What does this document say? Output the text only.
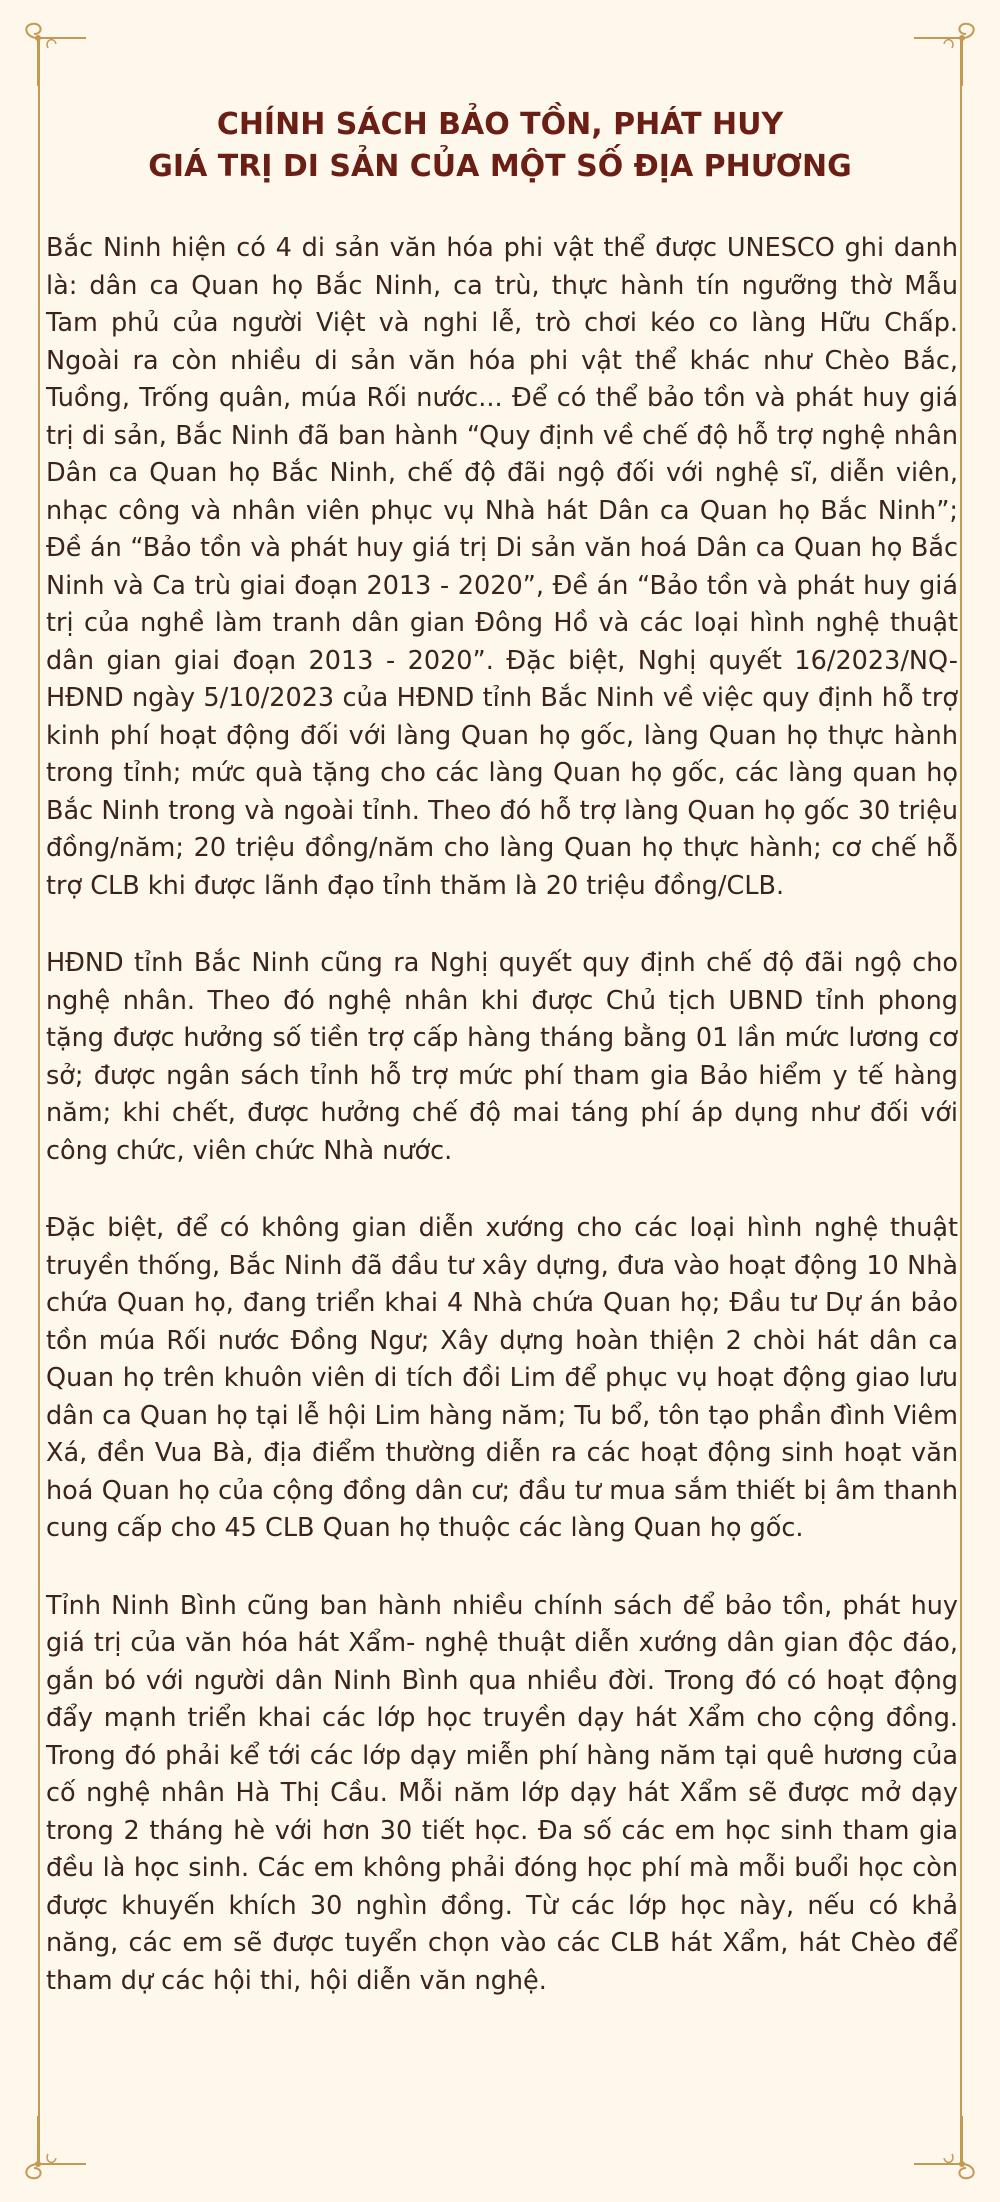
CHÍNH SÁCH BẢO TỒN, PHÁT HUY
GIÁ TRỊ DI SẢN CỦA MỘT SỐ ĐỊA PHƯƠNG

Bắc Ninh hiện có 4 di sản văn hóa phi vật thể được UNESCO ghi danh là: dân ca Quan họ Bắc Ninh, ca trù, thực hành tín ngưỡng thờ Mẫu Tam phủ của người Việt và nghi lễ, trò chơi kéo co làng Hữu Chấp. Ngoài ra còn nhiều di sản văn hóa phi vật thể khác như Chèo Bắc, Tuồng, Trống quân, múa Rối nước... Để có thể bảo tồn và phát huy giá trị di sản, Bắc Ninh đã ban hành “Quy định về chế độ hỗ trợ nghệ nhân Dân ca Quan họ Bắc Ninh, chế độ đãi ngộ đối với nghệ sĩ, diễn viên, nhạc công và nhân viên phục vụ Nhà hát Dân ca Quan họ Bắc Ninh”; Đề án “Bảo tồn và phát huy giá trị Di sản văn hoá Dân ca Quan họ Bắc Ninh và Ca trù giai đoạn 2013 - 2020”, Đề án “Bảo tồn và phát huy giá trị của nghề làm tranh dân gian Đông Hồ và các loại hình nghệ thuật dân gian giai đoạn 2013 - 2020”. Đặc biệt, Nghị quyết 16/2023/NQ- HĐND ngày 5/10/2023 của HĐND tỉnh Bắc Ninh về việc quy định hỗ trợ kinh phí hoạt động đối với làng Quan họ gốc, làng Quan họ thực hành trong tỉnh; mức quà tặng cho các làng Quan họ gốc, các làng quan họ Bắc Ninh trong và ngoài tỉnh. Theo đó hỗ trợ làng Quan họ gốc 30 triệu đồng/năm; 20 triệu đồng/năm cho làng Quan họ thực hành; cơ chế hỗ trợ CLB khi được lãnh đạo tỉnh thăm là 20 triệu đồng/CLB.

HĐND tỉnh Bắc Ninh cũng ra Nghị quyết quy định chế độ đãi ngộ cho nghệ nhân. Theo đó nghệ nhân khi được Chủ tịch UBND tỉnh phong tặng được hưởng số tiền trợ cấp hàng tháng bằng 01 lần mức lương cơ sở; được ngân sách tỉnh hỗ trợ mức phí tham gia Bảo hiểm y tế hàng năm; khi chết, được hưởng chế độ mai táng phí áp dụng như đối với công chức, viên chức Nhà nước.

Đặc biệt, để có không gian diễn xướng cho các loại hình nghệ thuật truyền thống, Bắc Ninh đã đầu tư xây dựng, đưa vào hoạt động 10 Nhà chứa Quan họ, đang triển khai 4 Nhà chứa Quan họ; Đầu tư Dự án bảo tồn múa Rối nước Đồng Ngư; Xây dựng hoàn thiện 2 chòi hát dân ca Quan họ trên khuôn viên di tích đồi Lim để phục vụ hoạt động giao lưu dân ca Quan họ tại lễ hội Lim hàng năm; Tu bổ, tôn tạo phần đình Viêm Xá, đền Vua Bà, địa điểm thường diễn ra các hoạt động sinh hoạt văn hoá Quan họ của cộng đồng dân cư; đầu tư mua sắm thiết bị âm thanh cung cấp cho 45 CLB Quan họ thuộc các làng Quan họ gốc.

Tỉnh Ninh Bình cũng ban hành nhiều chính sách để bảo tồn, phát huy giá trị của văn hóa hát Xẩm- nghệ thuật diễn xướng dân gian độc đáo, gắn bó với người dân Ninh Bình qua nhiều đời. Trong đó có hoạt động đẩy mạnh triển khai các lớp học truyền dạy hát Xẩm cho cộng đồng. Trong đó phải kể tới các lớp dạy miễn phí hàng năm tại quê hương của cố nghệ nhân Hà Thị Cầu. Mỗi năm lớp dạy hát Xẩm sẽ được mở dạy trong 2 tháng hè với hơn 30 tiết học. Đa số các em học sinh tham gia đều là học sinh. Các em không phải đóng học phí mà mỗi buổi học còn được khuyến khích 30 nghìn đồng. Từ các lớp học này, nếu có khả năng, các em sẽ được tuyển chọn vào các CLB hát Xẩm, hát Chèo để tham dự các hội thi, hội diễn văn nghệ.
